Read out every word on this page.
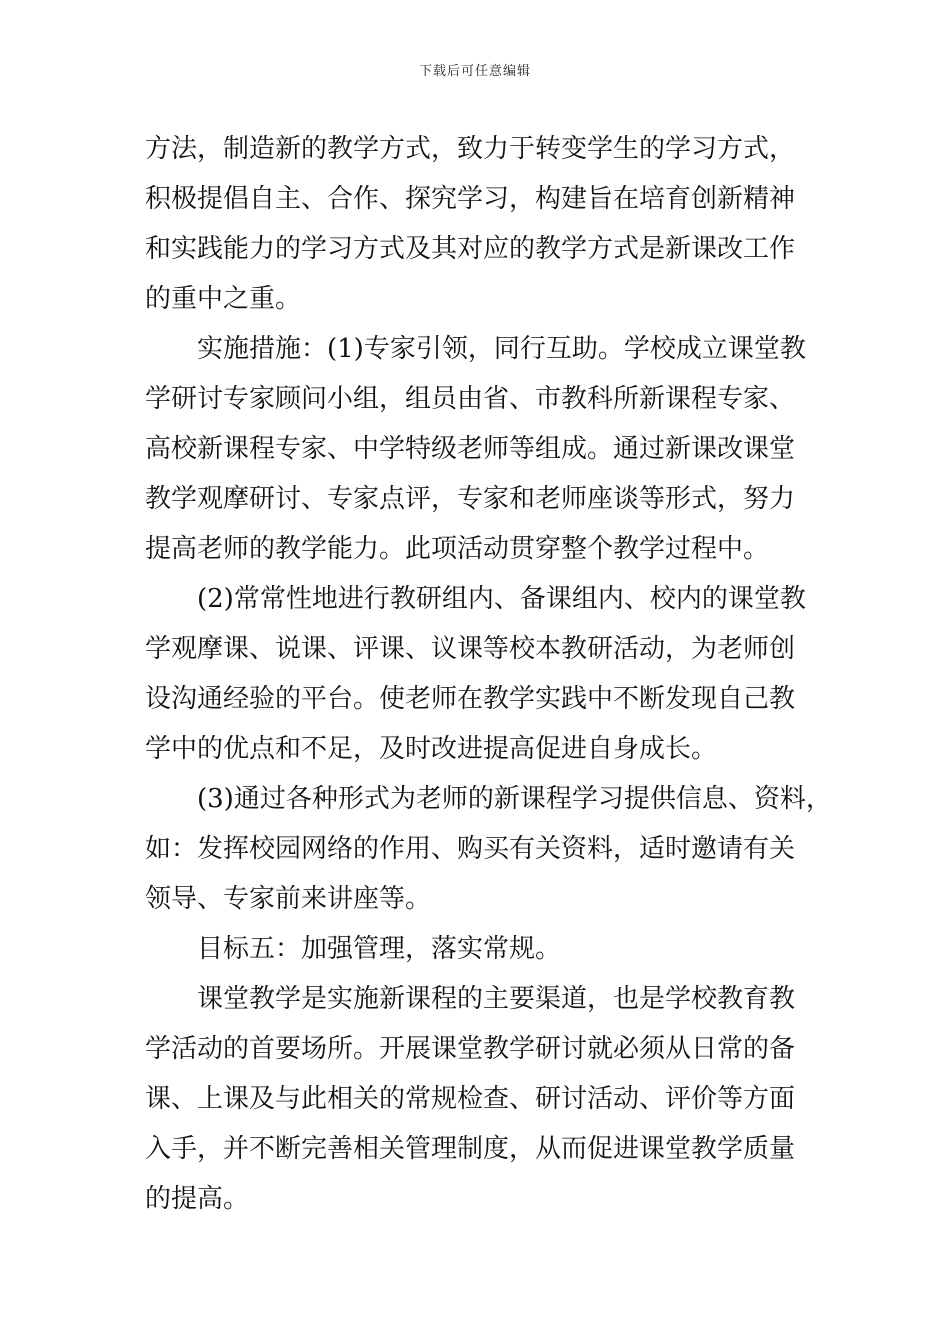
下载后可任意编辑
方法，制造新的教学方式，致力于转变学生的学习方式，
积极提倡自主、合作、探究学习，构建旨在培育创新精神
和实践能力的学习方式及其对应的教学方式是新课改工作
的重中之重。
实施措施：(1)专家引领，同行互助。学校成立课堂教
学研讨专家顾问小组，组员由省、市教科所新课程专家、
高校新课程专家、中学特级老师等组成。通过新课改课堂
教学观摩研讨、专家点评，专家和老师座谈等形式，努力
提高老师的教学能力。此项活动贯穿整个教学过程中。
(2)常常性地进行教研组内、备课组内、校内的课堂教
学观摩课、说课、评课、议课等校本教研活动，为老师创
设沟通经验的平台。使老师在教学实践中不断发现自己教
学中的优点和不足，及时改进提高促进自身成长。
(3)通过各种形式为老师的新课程学习提供信息、资料，
如：发挥校园网络的作用、购买有关资料，适时邀请有关
领导、专家前来讲座等。
目标五：加强管理，落实常规。
课堂教学是实施新课程的主要渠道，也是学校教育教
学活动的首要场所。开展课堂教学研讨就必须从日常的备
课、上课及与此相关的常规检查、研讨活动、评价等方面
入手，并不断完善相关管理制度，从而促进课堂教学质量
的提高。
